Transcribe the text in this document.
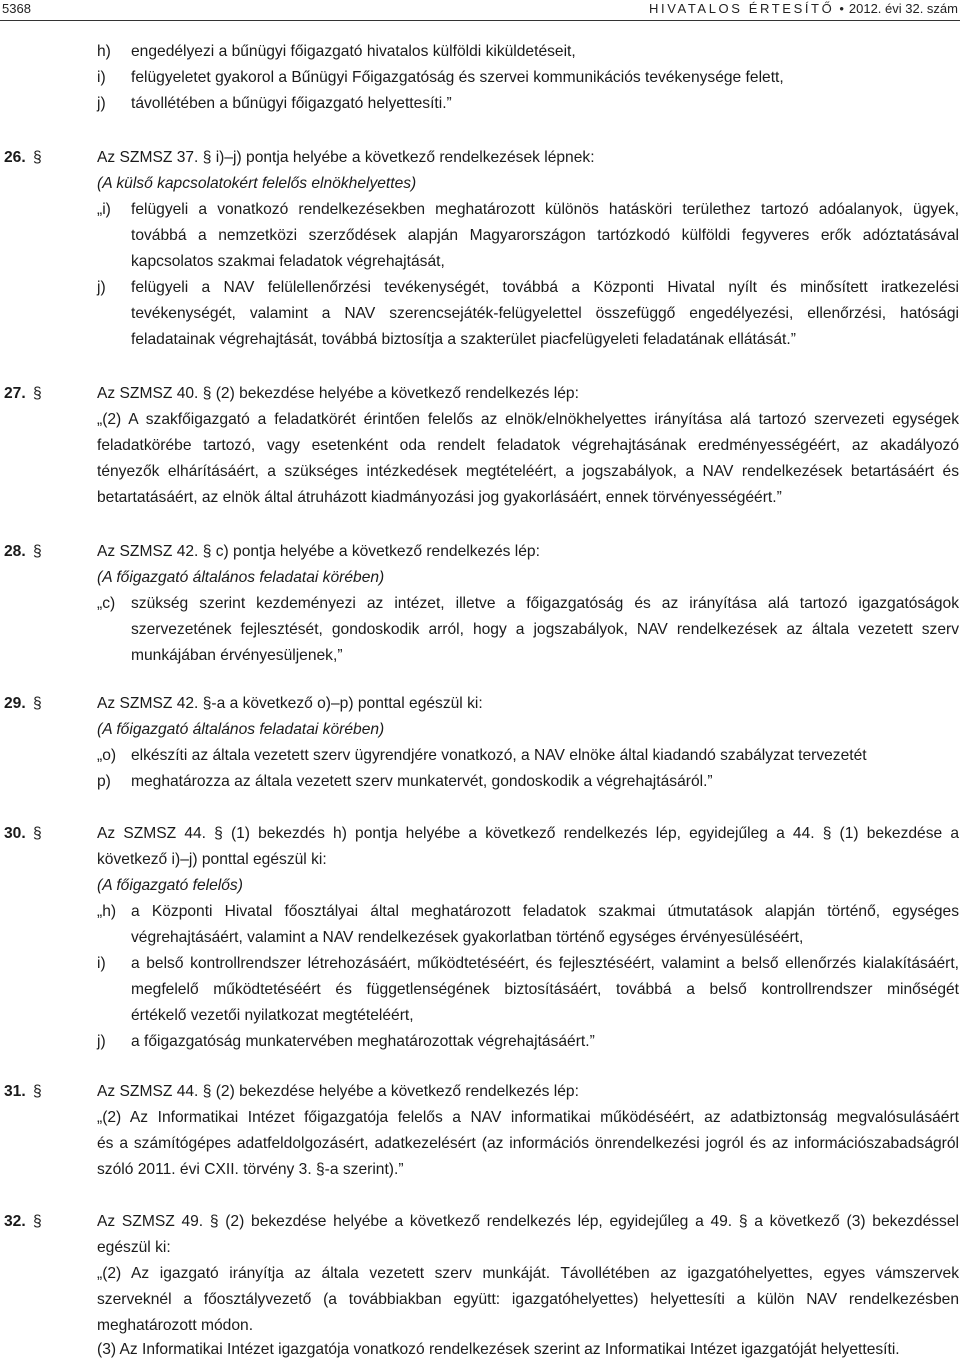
5368	HIVATALOS ÉRTESÍTŐ • 2012. évi 32. szám
h) engedélyezi a bűnügyi főigazgató hivatalos külföldi kiküldetéseit,
i) felügyeletet gyakorol a Bűnügyi Főigazgatóság és szervei kommunikációs tevékenysége felett,
j) távollétében a bűnügyi főigazgató helyettesíti.”
26. §	Az SZMSZ 37. § i)–j) pontja helyébe a következő rendelkezések lépnek:
(A külső kapcsolatokért felelős elnökhelyettes)
„i) felügyeli a vonatkozó rendelkezésekben meghatározott különös hatásköri területhez tartozó adóalanyok, ügyek,
továbbá a nemzetközi szerződések alapján Magyarországon tartózkodó külföldi fegyveres erők adóztatásával
kapcsolatos szakmai feladatok végrehajtását,
j) felügyeli a NAV felülellenőrzési tevékenységét, továbbá a Központi Hivatal nyílt és minősített iratkezelési
tevékenységét, valamint a NAV szerencsejáték-felügyelettel összefüggő engedélyezési, ellenőrzési, hatósági
feladatainak végrehajtását, továbbá biztosítja a szakterület piacfelügyeleti feladatának ellátását.”
27. §	Az SZMSZ 40. § (2) bekezdése helyébe a következő rendelkezés lép:
„(2) A szakfőigazgató a feladatkörét érintően felelős az elnök/elnökhelyettes irányítása alá tartozó szervezeti egységek
feladatkörébe tartozó, vagy esetenként oda rendelt feladatok végrehajtásának eredményességéért, az akadályozó
tényezők elhárításáért, a szükséges intézkedések megtételéért, a jogszabályok, a NAV rendelkezések betartásáért és
betartatásáért, az elnök által átruházott kiadmányozási jog gyakorlásáért, ennek törvényességéért.”
28. §	Az SZMSZ 42. § c) pontja helyébe a következő rendelkezés lép:
(A főigazgató általános feladatai körében)
„c) szükség szerint kezdeményezi az intézet, illetve a főigazgatóság és az irányítása alá tartozó igazgatóságok
szervezetének fejlesztését, gondoskodik arról, hogy a jogszabályok, NAV rendelkezések az általa vezetett szerv
munkájában érvényesüljenek,”
29. §	Az SZMSZ 42. §-a a következő o)–p) ponttal egészül ki:
(A főigazgató általános feladatai körében)
„o) elkészíti az általa vezetett szerv ügyrendjére vonatkozó, a NAV elnöke által kiadandó szabályzat tervezetét
p) meghatározza az általa vezetett szerv munkatervét, gondoskodik a végrehajtásáról.”
30. §	Az SZMSZ 44. § (1) bekezdés h) pontja helyébe a következő rendelkezés lép, egyidejűleg a 44. § (1) bekezdése a
következő i)–j) ponttal egészül ki:
(A főigazgató felelős)
„h) a Központi Hivatal főosztályai által meghatározott feladatok szakmai útmutatások alapján történő, egységes
végrehajtásáért, valamint a NAV rendelkezések gyakorlatban történő egységes érvényesüléséért,
i) a belső kontrollrendszer létrehozásáért, működtetéséért, és fejlesztéséért, valamint a belső ellenőrzés kialakításáért,
megfelelő működtetéséért és függetlenségének biztosításáért, továbbá a belső kontrollrendszer minőségét
értékelő vezetői nyilatkozat megtételéért,
j) a főigazgatóság munkatervében meghatározottak végrehajtásáért.”
31. §	Az SZMSZ 44. § (2) bekezdése helyébe a következő rendelkezés lép:
„(2) Az Informatikai Intézet főigazgatója felelős a NAV informatikai működéséért, az adatbiztonság megvalósulásáért
és a számítógépes adatfeldolgozásért, adatkezelésért (az információs önrendelkezési jogról és az információszabadságról
szóló 2011. évi CXII. törvény 3. §-a szerint).”
32. §	Az SZMSZ 49. § (2) bekezdése helyébe a következő rendelkezés lép, egyidejűleg a 49. § a következő (3) bekezdéssel
egészül ki:
„(2) Az igazgató irányítja az általa vezetett szerv munkáját. Távollétében az igazgatóhelyettes, egyes vámszervek
szerveknél a főosztályvezető (a továbbiakban együtt: igazgatóhelyettes) helyettesíti a külön NAV rendelkezésben
meghatározott módon.
(3) Az Informatikai Intézet igazgatója vonatkozó rendelkezések szerint az Informatikai Intézet igazgatóját helyettesíti.
